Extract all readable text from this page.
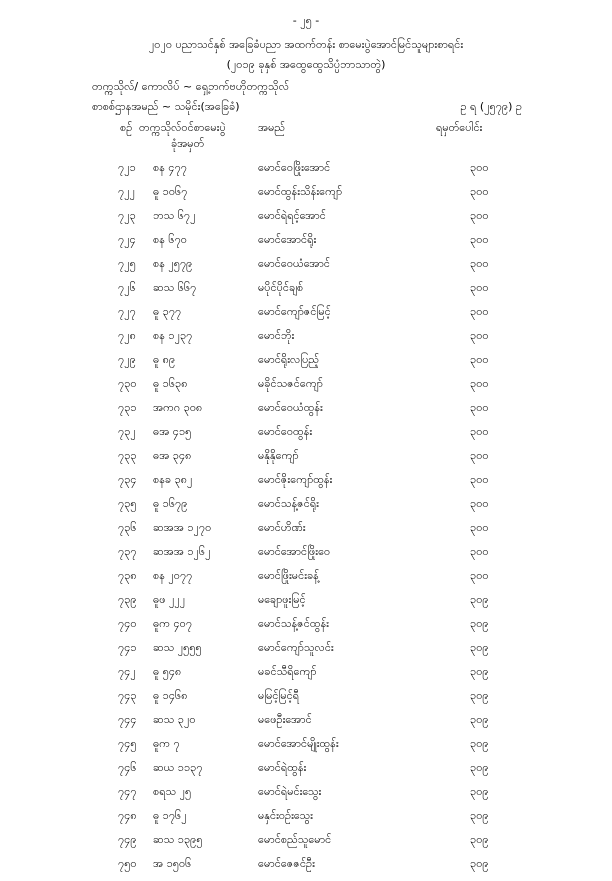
- ၂၅ -
၂၀၂၀ ပညာသင်နှစ် အခြေခံပညာ အထက်တန်း စာမေးပွဲအောင်မြင်သူများစာရင်း
(၂၀၁၉ ခုနှစ် အထွေထွေသိပ္ပံဘာသာတွဲ)
တက္ကသိုလ်/ ကောလိပ် ~ ရှေ့ဘက်ဗဟိုတက္ကသိုလ်
စာစစ်ဌာနအမည် ~ သမိုင်း(အခြေခံ)	ဥ ရ (၂၅၇၉) ဥ
စဉ် တက္ကသိုလ်ဝင်စာမေးပွဲ
ခုံအမှတ်
အမည်	ရမှတ်ပေါင်း
၇၂၁ စန ၄၇၇	မောင်ဝေဖြိုးအောင်	၃၀၀
၇၂၂ ဓူ ၁၀၆၇	မောင်ထွန်းသိန်းကျော်	၃၀၀
၇၂၃ ဘသ ၆၇၂	မောင်ရဲရင့်အောင်	၃၀၀
၇၂၄ စန ၆၇၀	မောင်အောင်ရိုး	၃၀၀
၇၂၅ စန ၂၅၇၉	မောင်ဝေယံအောင်	၃၀၀
၇၂၆ ဆသ ၆၆၇	မပိုင်ပိုင်ချစ်	၃၀၀
၇၂၇ ဓူ ၃၇၇	မောင်ကျော်ဇင်မြင့်	၃၀၀
၇၂၈ စန ၁၂၃၇	မောင်ဘိုး	၃၀၀
၇၂၉ ဓူ ၈၉	မောင်ရိုးလပြည့်	၃၀၀
၇၃၀ ဓူ ၁၆၃၈	မခိုင်သဇင်ကျော်	၃၀၀
၇၃၁ အကဂ ၃၀၈	မောင်ဝေယံထွန်း	၃၀၀
၇၃၂ ဓအ ၄၁၅	မောင်ဝေထွန်း	၃၀၀
၇၃၃ ဓအ ၃၄၈	မနိုနိုကျော်	၃၀၀
၇၃၄ စနခ ၃၈၂	မောင်ဇိုးကျော်ထွန်း	၃၀၀
၇၃၅ ဓူ ၁၆၇၉	မောင်သန့်ဇင်ရိုး	၃၀၀
၇၃၆ ဆအအ ၁၂၇၀	မောင်ဟိဏ်း	၃၀၀
၇၃၇ ဆအအ ၁၂၆၂	မောင်အောင်ဖြိုးဝေ	၃၀၀
၇၃၈ စန ၂၀၇၇	မောင်ဖြိုးမင်းခန့်	၃၀၀
၇၃၉ ဓူဖ ၂၂၂	မချောဖူးမြင့်	၃၀၉
၇၄၀ ဓူက ၄၀၇	မောင်သန့်ဇင်ထွန်း	၃၀၉
၇၄၁ ဆသ ၂၅၅၅	မောင်ကျော်သူလင်း	၃၀၉
၇၄၂ ဓူ ၅၄၈	မခင်သီရိကျော်	၃၀၉
၇၄၃ ဓူ ၁၄၆၈	မမြင့်မြင့်ရီ	၃၀၉
၇၄၄ ဆသ ၃၂၀	မဖေဦးအောင်	၃၀၉
၇၄၅ ဓူက ၇	မောင်အောင်မျိုးထွန်း	၃၀၉
၇၄၆ ဆယ ၁၁၃၇	မောင်ရဲထွန်း	၃၀၉
၇၄၇ စရသ ၂၅	မောင်ရဲမင်းသွေး	၃၀၉
၇၄၈ ဓူ ၁၇၆၂	မနှင်းဝဥ်းသွေး	၃၀၉
၇၄၉ ဆသ ၁၃၉၅	မောင်စည်သူမောင်	၃၀၉
၇၅၀ အ ၁၅၀၆	မောင်ဇေဇင်ဦး	၃၀၉
